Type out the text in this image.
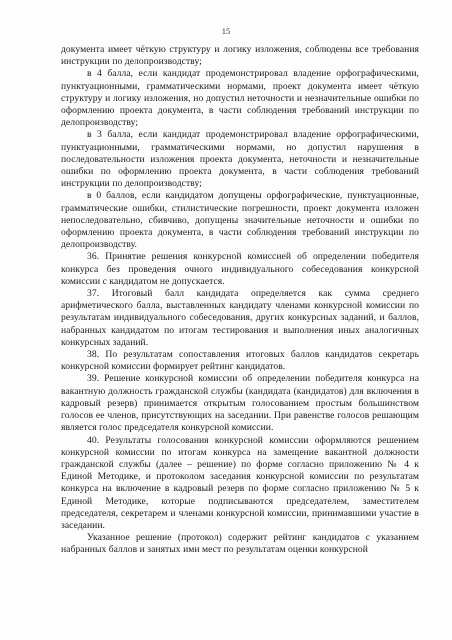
15

документа имеет чёткую структуру и логику изложения, соблюдены все требования инструкции по делопроизводству;

в 4 балла, если кандидат продемонстрировал владение орфографическими, пунктуационными, грамматическими нормами, проект документа имеет чёткую структуру и логику изложения, но допустил неточности и незначительные ошибки по оформлению проекта документа, в части соблюдения требований инструкции по делопроизводству;

в 3 балла, если кандидат продемонстрировал владение орфографическими, пунктуационными, грамматическими нормами, но допустил нарушения в последовательности изложения проекта документа, неточности и незначительные ошибки по оформлению проекта документа, в части соблюдения требований инструкции по делопроизводству;

в 0 баллов, если кандидатом допущены орфографические, пунктуационные, грамматические ошибки, стилистические погрешности, проект документа изложен непоследовательно, сбивчиво, допущены значительные неточности и ошибки по оформлению проекта документа, в части соблюдения требований инструкции по делопроизводству.

36. Принятие решения конкурсной комиссией об определении победителя конкурса без проведения очного индивидуального собеседования конкурсной комиссии с кандидатом не допускается.

37. Итоговый балл кандидата определяется как сумма среднего арифметического балла, выставленных кандидату членами конкурсной комиссии по результатам индивидуального собеседования, других конкурсных заданий, и баллов, набранных кандидатом по итогам тестирования и выполнения иных аналогичных конкурсных заданий.

38. По результатам сопоставления итоговых баллов кандидатов секретарь конкурсной комиссии формирует рейтинг кандидатов.

39. Решение конкурсной комиссии об определении победителя конкурса на вакантную должность гражданской службы (кандидата (кандидатов) для включения в кадровый резерв) принимается открытым голосованием простым большинством голосов ее членов, присутствующих на заседании. При равенстве голосов решающим является голос председателя конкурсной комиссии.

40. Результаты голосования конкурсной комиссии оформляются решением конкурсной комиссии по итогам конкурса на замещение вакантной должности гражданской службы (далее – решение) по форме согласно приложению № 4 к Единой Методике, и протоколом заседания конкурсной комиссии по результатам конкурса на включение в кадровый резерв по форме согласно приложению № 5 к Единой Методике, которые подписываются председателем, заместителем председателя, секретарем и членами конкурсной комиссии, принимавшими участие в заседании.

Указанное решение (протокол) содержит рейтинг кандидатов с указанием набранных баллов и занятых ими мест по результатам оценки конкурсной
